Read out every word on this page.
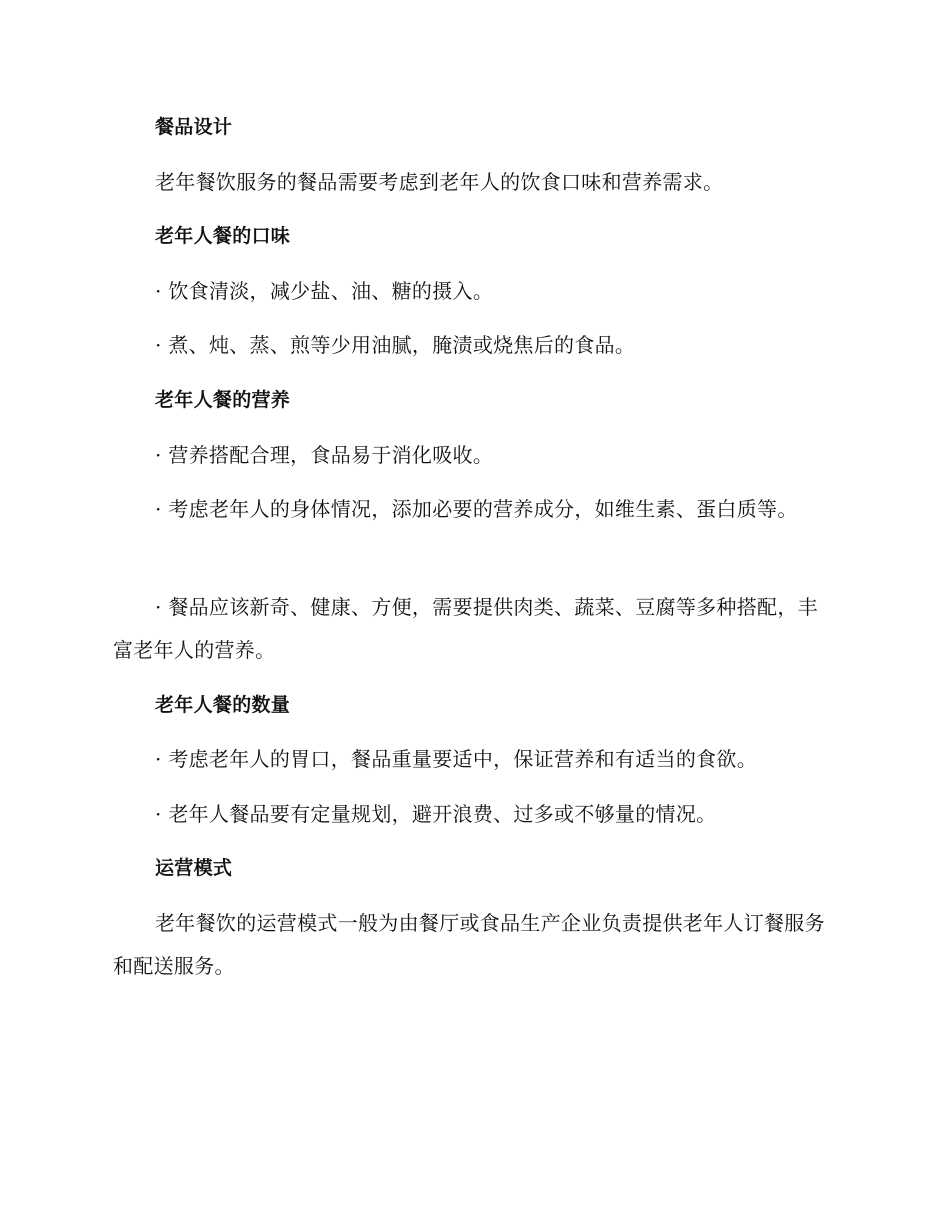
餐品设计

老年餐饮服务的餐品需要考虑到老年人的饮食口味和营养需求。

老年人餐的口味

· 饮食清淡，减少盐、油、糖的摄入。

· 煮、炖、蒸、煎等少用油腻，腌渍或烧焦后的食品。

老年人餐的营养

· 营养搭配合理，食品易于消化吸收。

· 考虑老年人的身体情况，添加必要的营养成分，如维生素、蛋白质等。

· 餐品应该新奇、健康、方便，需要提供肉类、蔬菜、豆腐等多种搭配，丰富老年人的营养。

老年人餐的数量

· 考虑老年人的胃口，餐品重量要适中，保证营养和有适当的食欲。

· 老年人餐品要有定量规划，避开浪费、过多或不够量的情况。

运营模式

老年餐饮的运营模式一般为由餐厅或食品生产企业负责提供老年人订餐服务和配送服务。
